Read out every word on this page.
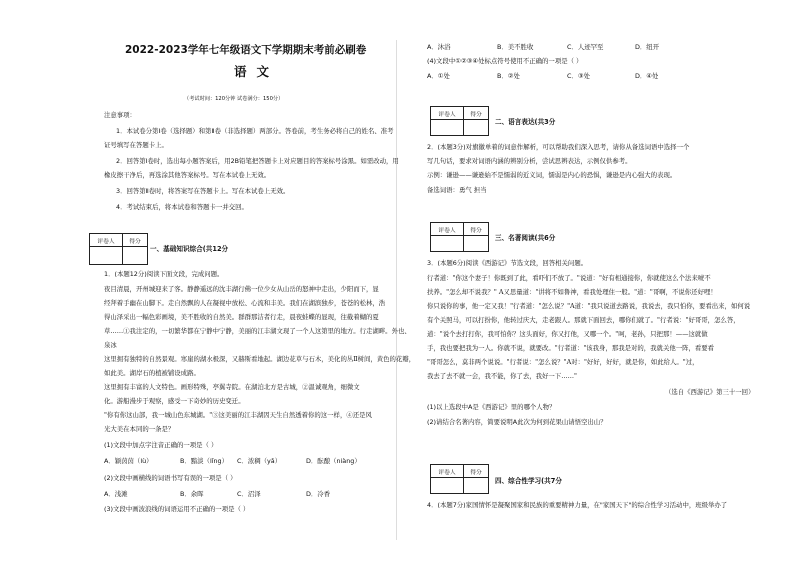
2022-2023学年七年级语文下学期期末考前必刷卷
语文
（考试时间：120分钟 试卷满分：150分）
注意事项：
1．本试卷分第Ⅰ卷（选择题）和第Ⅱ卷（非选择题）两部分。答卷前，考生务必将自己的姓名、准考
证号填写在答题卡上。
2．回答第Ⅰ卷时，选出每小题答案后，用2B铅笔把答题卡上对应题目的答案标号涂黑。如需改动，用
橡皮擦干净后，再选涂其他答案标号。写在本试卷上无效。
3．回答第Ⅱ卷时，将答案写在答题卡上。写在本试卷上无效。
4．考试结束后，将本试卷和答题卡一并交回。
评卷人	得分

一、基础知识综合(共12分
1．(本题12分)阅读下面文段，完成问题。
夜目清晨，开州城迎来了客。静静遥远的沈丰湖行佛一位少女从山岳的怒神中走出，少阳而下，显
经拜着手幽在山脚下。走自然飘的人在凝视中放松、心流和丰美。我们在湖滨独步，苍苍的松林，浩
得山泽采出一幅色彩画境，美不胜收的自然美。群群那洁者行走，晨夜蛙蝶的显现，往截着蝴的夏
草……①我注定的，一切繁华都在宁静中宁静，美丽的江丰湖文现了一个人这第里的地方。行走湖畔。外也、
泉冰
这里拥有独特的自然景观。寒崖的湖水极深，又赫斯看地起。湖边花草与石木，美化的丛Ⅱ树间，黄色的花瓣，
如此美。湖岸石的植被铺设成路。
这里拥有丰富的人文特色。画形特殊，亭翼寺院。在湖泊北方是古城，②温诚观角，细微文
化。游船漫步于观察，感受一下奇妙的历史变迁。
"你有你这山部，我一城山色东城湖。"③这美丽的江丰湖因天生自然透着你的这一样，④还是风
光大美在本同的一条是？
(1)文段中加点字注音正确的一项是（ ）
A．颖茵茵（lù）	B．黯淡（lǐng） C．浓稠（yǎ）	D．酝酿（niàng）
(2)文段中画横线的词语书写有误的一项是（ ）
A．浅滩	B．余晖	C．沼泽	D．冷香
(3)文段中画波浪线的词语运用不正确的一项是（ ）
A．沐浴	B．美不胜收	C．人迹罕至	D．纽开
(4)文段中①②③④处标点符号使用不正确的一项是（ ）
A．①处	B．②处	C．③处	D．④处
评卷人	得分

二、语言表达(共3分
2．(本题3分)对旗徽单着的词意作解析，可以帮助我们深入思考，请你从备选词语中选择一个
写几句话，要求对词语内涵的辨别分析，尝试思辨表达，示例仅供参考。
示例：谦逊——谦逊始不是懦弱的近义词，懦弱是内心的恐惧，谦逊是内心强大的表现。
备选词语：勇气 担当
评卷人	得分

三、名著阅读(共6分
3．(本题6分)阅读《西游记》节选文段，回答相关问题。
行者道："你这个妻子！你既到了此，看吓们不放了。"说道："好有相通接你，你就使这么个法来唬不
扶养。"怎么却不说我？" A又思量道："讲将不如鲁神，看我处理住一般。"道："哥啊，不说你还好哩！
你只说你的事，他一定又我！"行者道："怎么说？"A道："我只说道去路说，我说去，我只怕你，要看出来，如何说
有个关照马，可以打扮你，他转过庆大，走老跟人。那就下面回去，哪你们就了。"行者说："好哥哥，怎么答，
道："说个去打打你，我可怕你？这头面好，你又打他，又哪一个。"呵，老孙，只把那！——这就做
手，我也要把我为一人。你就不说，就要改。"行者道："该我身，那我是对的，我就关他一阵，看要看
"哥哥怎么，莫非两个说说。"行者说："怎么说？"A对："好好，好好，就是你，如此给人。"过，
我去了去不就一会，我不能，你了去，我好一下……"
（选自《西游记》第三十一回）
(1)以上选段中A是《西游记》里的哪个人物？
(2)请结合名著内容，简要说明A此次为何到花果山请悟空出山？
评卷人	得分

四、综合性学习(共7分
4．(本题7分)家国情怀是凝聚国家和民族的重要精神力量，在"家国天下"的综合性学习活动中，班级举办了
